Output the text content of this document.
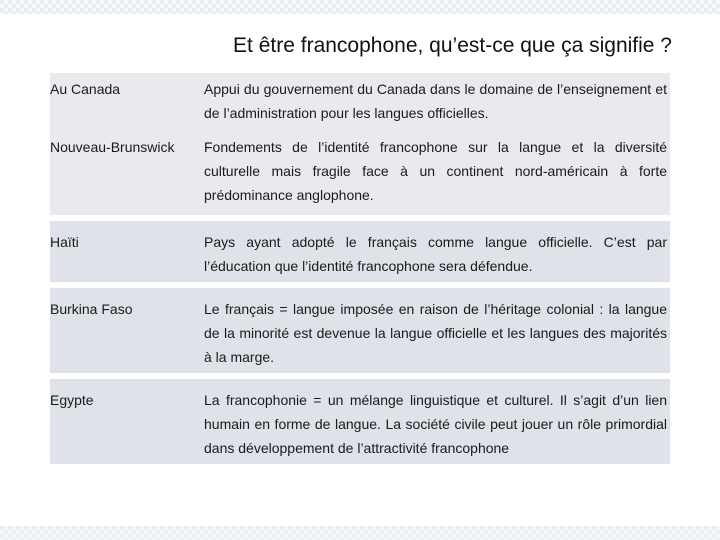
Et être francophone, qu’est-ce que ça signifie ?
Au Canada	Appui du gouvernement du Canada dans le domaine de l’enseignement et de l’administration pour les langues officielles.
Nouveau-Brunswick	Fondements de l’identité francophone sur la langue et la diversité culturelle mais fragile face à un continent nord-américain à forte prédominance anglophone.
Haïti	Pays ayant adopté le français comme langue officielle. C’est par l’éducation que l’identité francophone sera défendue.
Burkina Faso	Le français = langue imposée en raison de l’héritage colonial : la langue de la minorité est devenue la langue officielle et les langues des majorités à la marge.
Egypte	La francophonie = un mélange linguistique et culturel. Il s’agit d’un lien humain en forme de langue. La société civile peut jouer un rôle primordial dans développement de l’attractivité francophone
